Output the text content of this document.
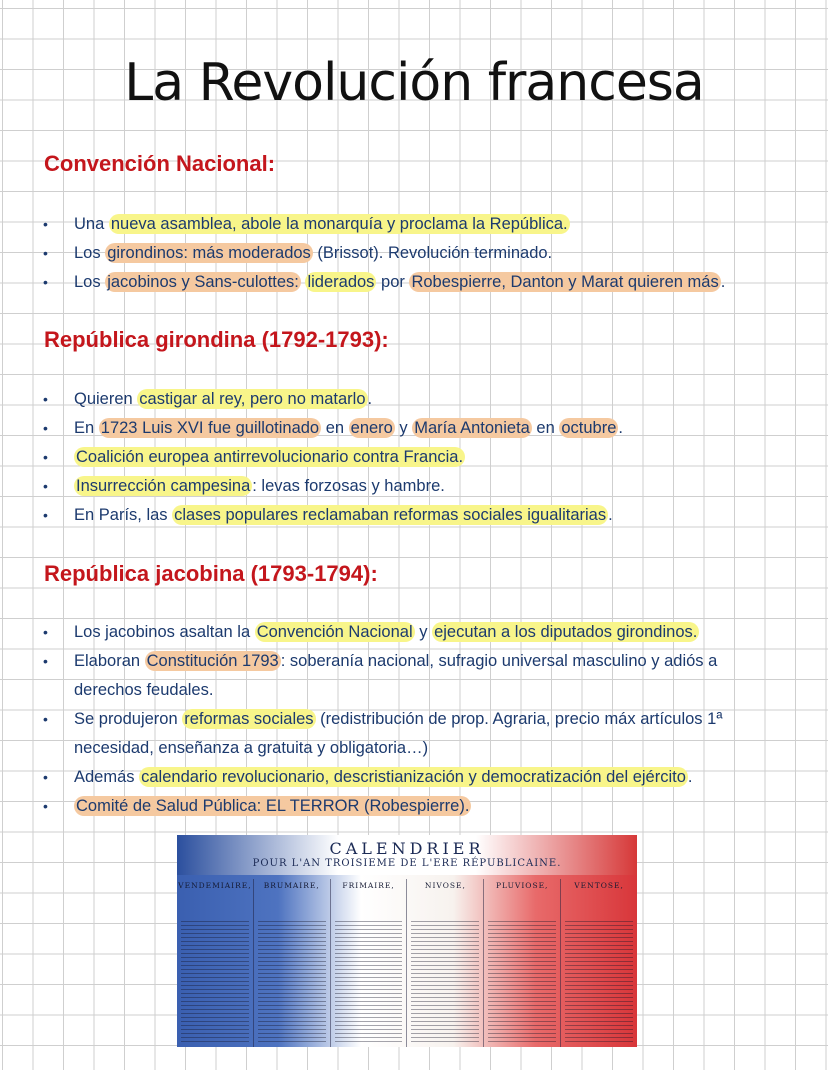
La Revolución francesa
Convención Nacional:
• Una nueva asamblea, abole la monarquía y proclama la República.
• Los girondinos: más moderados (Brissot). Revolución terminado.
• Los jacobinos y Sans-culottes: liderados por Robespierre, Danton y Marat quieren más .
República girondina (1792-1793):
• Quieren castigar al rey, pero no matarlo .
• En 1723 Luis XVI fue guillotinado en enero y María Antonieta en octubre .
• Coalición europea antirrevolucionario contra Francia.
• Insurrección campesina : levas forzosas y hambre.
• En París, las clases populares reclamaban reformas sociales igualitarias .
República jacobina (1793-1794):
• Los jacobinos asaltan la Convención Nacional y ejecutan a los diputados girondinos.
• Elaboran Constitución 1793 : soberanía nacional, sufragio universal masculino y adiós a derechos feudales.
• Se produjeron reformas sociales (redistribución de prop. Agraria, precio máx artículos 1ª necesidad, enseñanza a gratuita y obligatoria…)
• Además calendario revolucionario, descristianización y democratización del ejército .
• Comité de Salud Pública: EL TERROR (Robespierre).
CALENDRIER
POUR L'AN TROISIEME DE L'ERE RÉPUBLICAINE.
VENDEMIAIRE,	BRUMAIRE,	FRIMAIRE,	NIVOSE,	PLUVIOSE,	VENTOSE,
